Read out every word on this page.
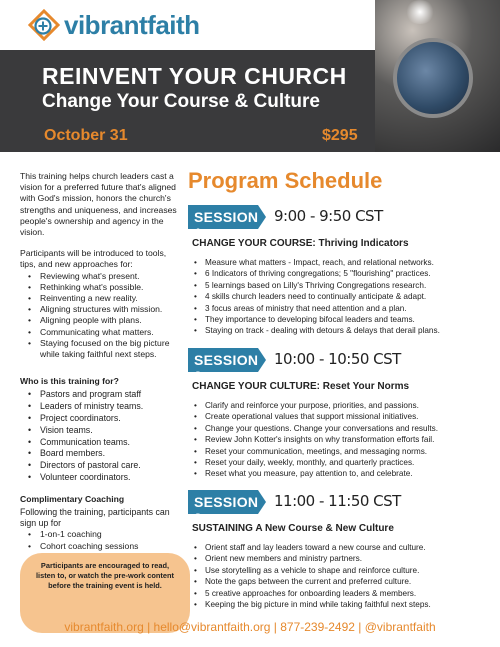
vibrantfaith
REINVENT YOUR CHURCH
Change Your Course & Culture
October 31	$295

This training helps church leaders cast a vision for a preferred future that's aligned with God's mission, honors the church's strengths and uniqueness, and increases people's ownership and agency in the vision.

Participants will be introduced to tools, tips, and new approaches for:

• Reviewing what's present.
• Rethinking what's possible.
• Reinventing a new reality.
• Aligning structures with mission.
• Aligning people with plans.
• Communicating what matters.
• Staying focused on the big picture while taking faithful next steps.
Who is this training for?
• Pastors and program staff
• Leaders of ministry teams.
• Project coordinators.
• Vision teams.
• Communication teams.
• Board members.
• Directors of pastoral care.
• Volunteer coordinators.
Complimentary Coaching

Following the training, participants can sign up for

• 1-on-1 coaching
• Cohort coaching sessions
Participants are encouraged to read, listen to, or watch the pre-work content before the training event is held.
Program Schedule
SESSION 1
9:00 - 9:50 CST
CHANGE YOUR COURSE: Thriving Indicators
• Measure what matters - Impact, reach, and relational networks.
• 6 Indicators of thriving congregations; 5 "flourishing" practices.
• 5 learnings based on Lilly's Thriving Congregations research.
• 4 skills church leaders need to continually anticipate & adapt.
• 3 focus areas of ministry that need attention and a plan.
• They importance to developing bifocal leaders and teams.
• Staying on track - dealing with detours & delays that derail plans.
SESSION 2
10:00 - 10:50 CST
CHANGE YOUR CULTURE: Reset Your Norms
• Clarify and reinforce your purpose, priorities, and passions.
• Create operational values that support missional initiatives.
• Change your questions. Change your conversations and results.
• Review John Kotter's insights on why transformation efforts fail.
• Reset your communication, meetings, and messaging norms.
• Reset your daily, weekly, monthly, and quarterly practices.
• Reset what you measure, pay attention to, and celebrate.
SESSION 3
11:00 - 11:50 CST
SUSTAINING A New Course & New Culture
• Orient staff and lay leaders toward a new course and culture.
• Orient new members and ministry partners.
• Use storytelling as a vehicle to shape and reinforce culture.
• Note the gaps between the current and preferred culture.
• 5 creative approaches for onboarding leaders & members.
• Keeping the big picture in mind while taking faithful next steps.
vibrantfaith.org | hello@vibrantfaith.org | 877-239-2492 | @vibrantfaith
